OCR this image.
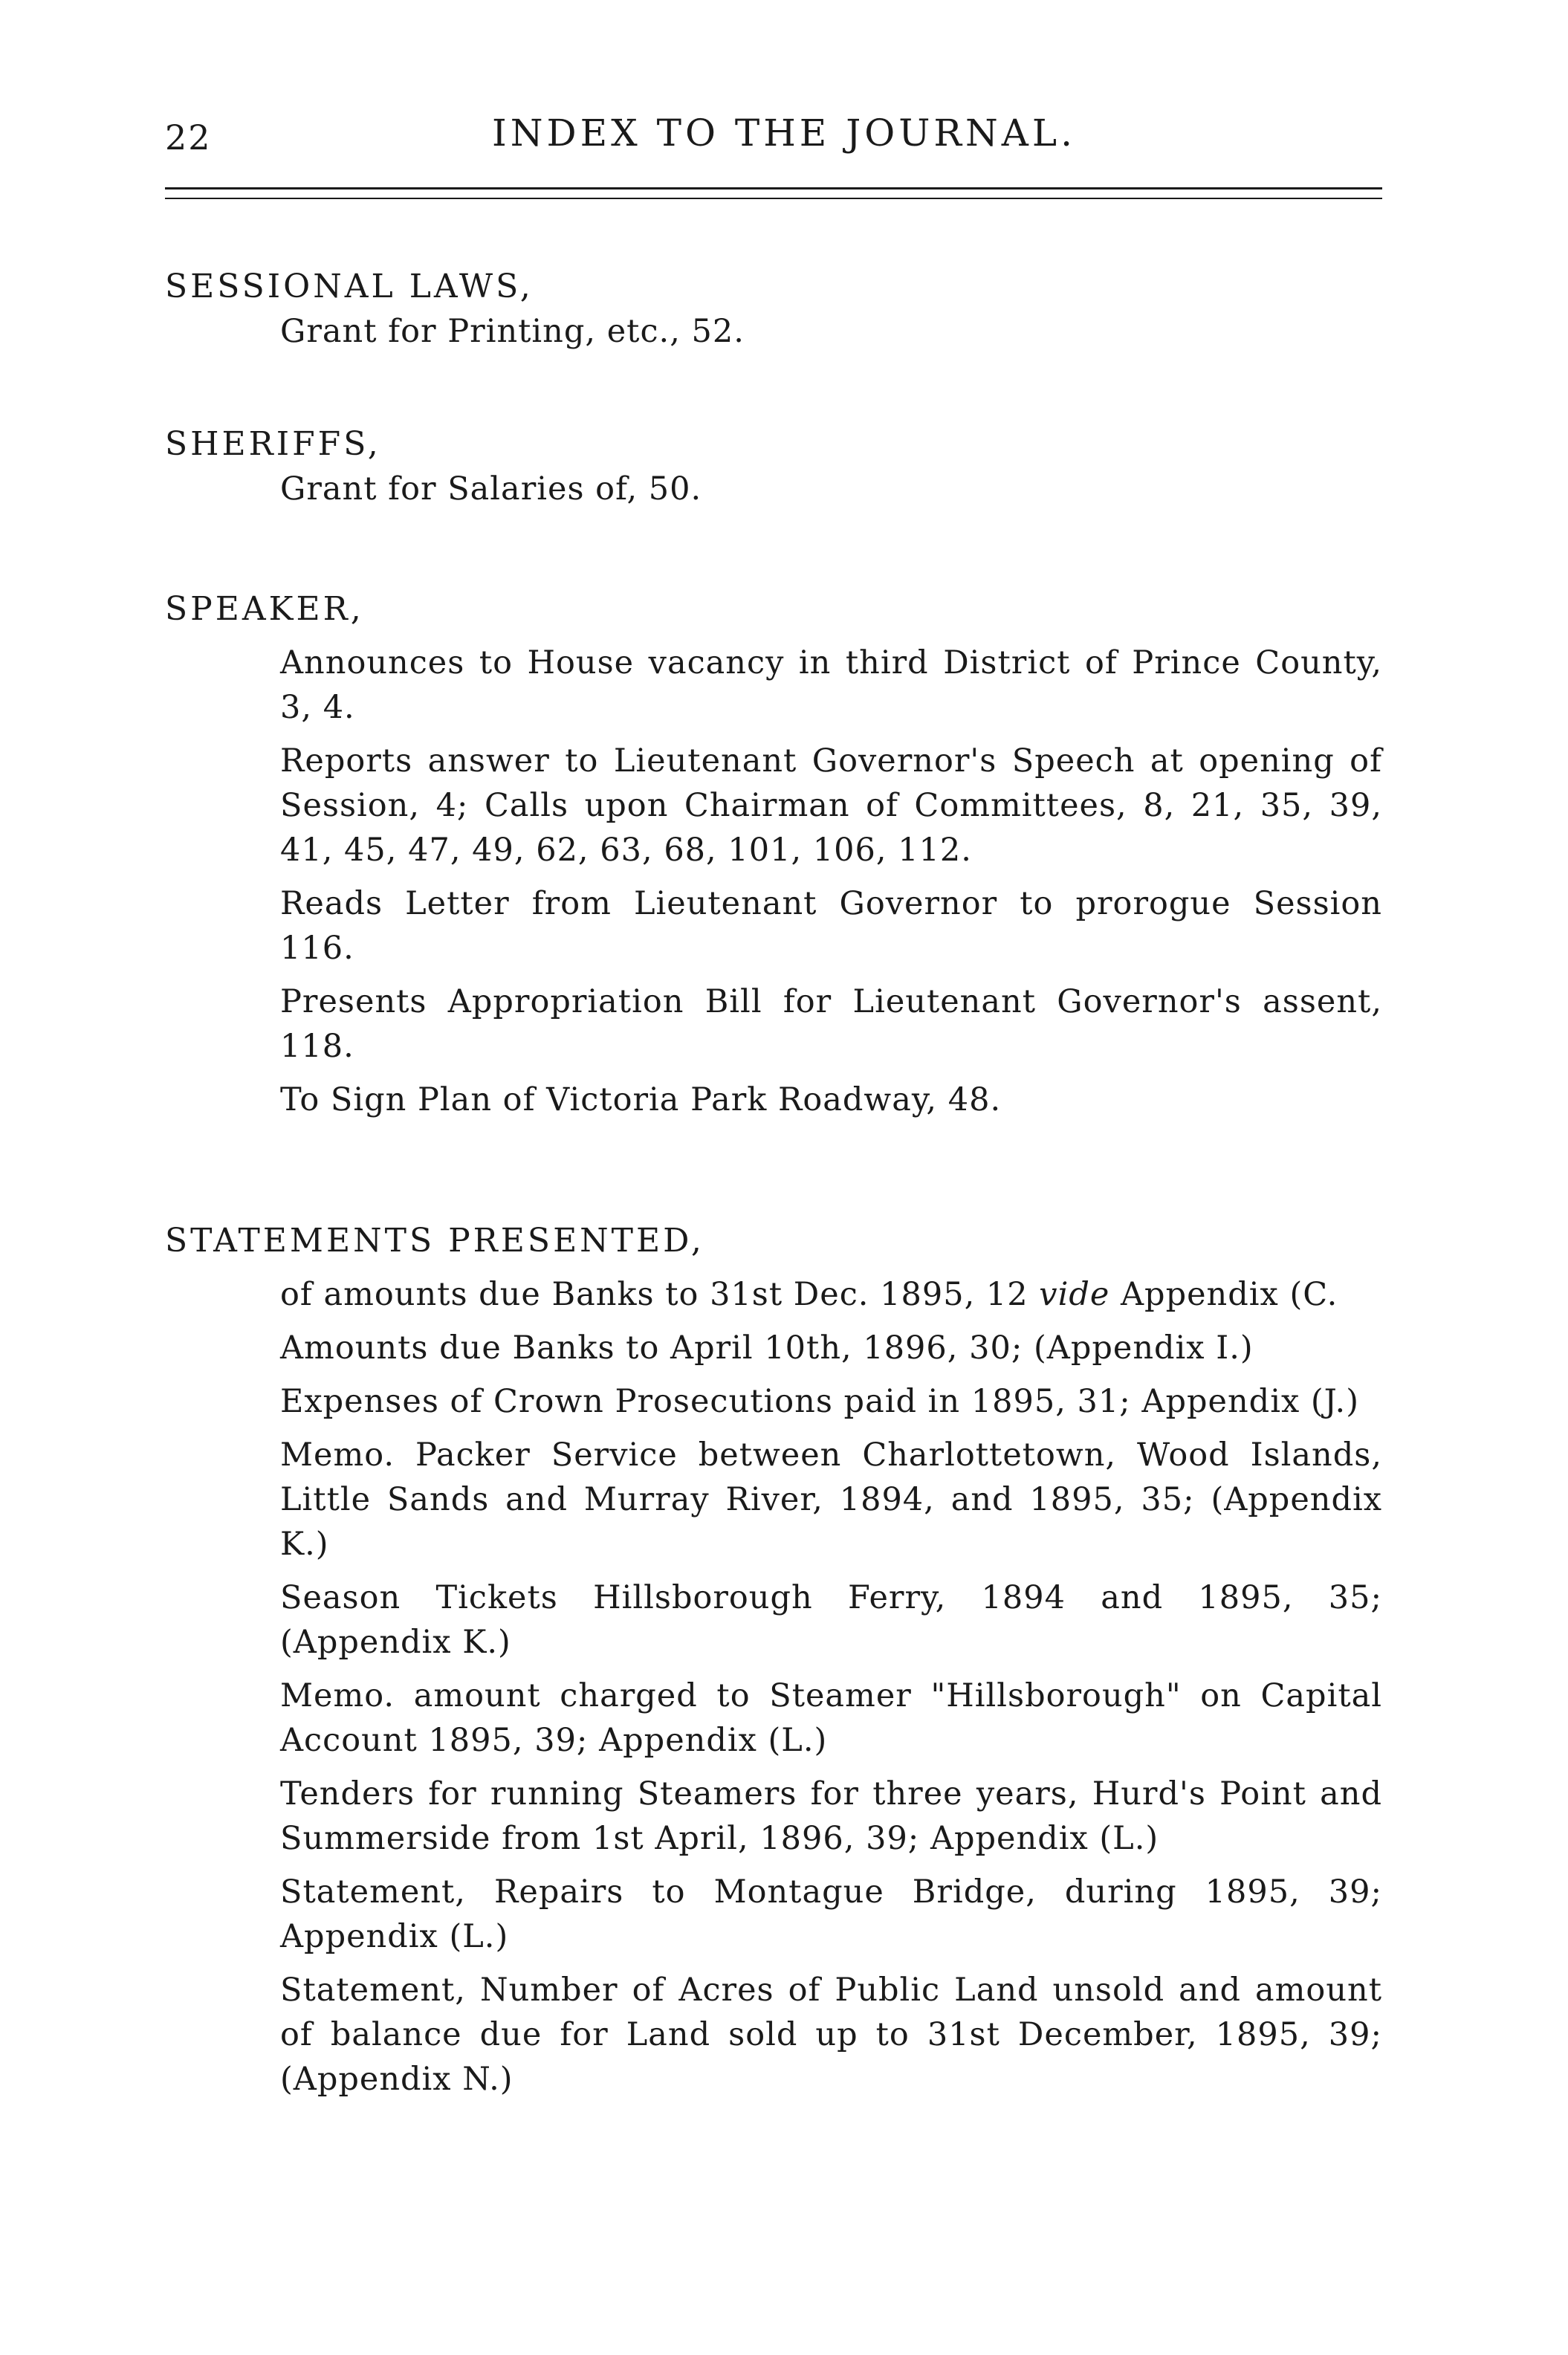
22	INDEX TO THE JOURNAL.
SESSIONAL LAWS,
Grant for Printing, etc., 52.
SHERIFFS,
Grant for Salaries of, 50.
SPEAKER,
Announces to House vacancy in third District of Prince County, 3, 4.
Reports answer to Lieutenant Governor's Speech at opening of Session, 4; Calls upon Chairman of Committees, 8, 21, 35, 39, 41, 45, 47, 49, 62, 63, 68, 101, 106, 112.
Reads Letter from Lieutenant Governor to prorogue Session 116.
Presents Appropriation Bill for Lieutenant Governor's assent, 118.
To Sign Plan of Victoria Park Roadway, 48.
STATEMENTS PRESENTED,
of amounts due Banks to 31st Dec. 1895, 12 vide Appendix (C.
Amounts due Banks to April 10th, 1896, 30; (Appendix I.)
Expenses of Crown Prosecutions paid in 1895, 31; Appendix (J.)
Memo. Packer Service between Charlottetown, Wood Islands, Little Sands and Murray River, 1894, and 1895, 35; (Appendix K.)
Season Tickets Hillsborough Ferry, 1894 and 1895, 35; (Appendix K.)
Memo. amount charged to Steamer "Hillsborough" on Capital Account 1895, 39; Appendix (L.)
Tenders for running Steamers for three years, Hurd's Point and Summerside from 1st April, 1896, 39; Appendix (L.)
Statement, Repairs to Montague Bridge, during 1895, 39; Appendix (L.)
Statement, Number of Acres of Public Land unsold and amount of balance due for Land sold up to 31st December, 1895, 39; (Appendix N.)
